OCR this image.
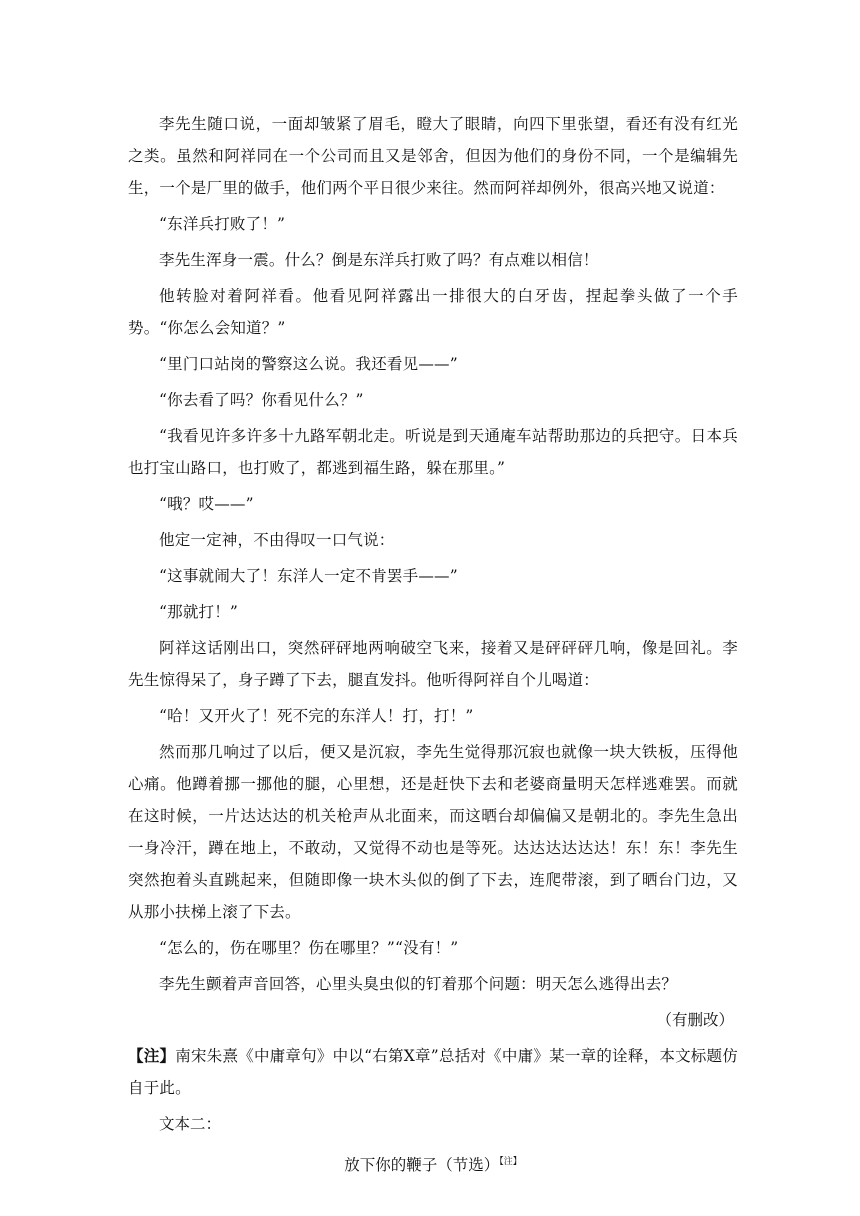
李先生随口说，一面却皱紧了眉毛，瞪大了眼睛，向四下里张望，看还有没有红光之类。虽然和阿祥同在一个公司而且又是邻舍，但因为他们的身份不同，一个是编辑先生，一个是厂里的做手，他们两个平日很少来往。然而阿祥却例外，很高兴地又说道：

“东洋兵打败了！”

李先生浑身一震。什么？倒是东洋兵打败了吗？有点难以相信！

他转脸对着阿祥看。他看见阿祥露出一排很大的白牙齿，捏起拳头做了一个手势。“你怎么会知道？”

“里门口站岗的警察这么说。我还看见——”

“你去看了吗？你看见什么？”

“我看见许多许多十九路军朝北走。听说是到天通庵车站帮助那边的兵把守。日本兵也打宝山路口，也打败了，都逃到福生路，躲在那里。”

“哦？哎——”

他定一定神，不由得叹一口气说：

“这事就闹大了！东洋人一定不肯罢手——”

“那就打！”

阿祥这话刚出口，突然砰砰地两响破空飞来，接着又是砰砰砰几响，像是回礼。李先生惊得呆了，身子蹲了下去，腿直发抖。他听得阿祥自个儿喝道：

“哈！又开火了！死不完的东洋人！打，打！”

然而那几响过了以后，便又是沉寂，李先生觉得那沉寂也就像一块大铁板，压得他心痛。他蹲着挪一挪他的腿，心里想，还是赶快下去和老婆商量明天怎样逃难罢。而就在这时候，一片达达达的机关枪声从北面来，而这晒台却偏偏又是朝北的。李先生急出一身冷汗，蹲在地上，不敢动，又觉得不动也是等死。达达达达达达！东！东！李先生突然抱着头直跳起来，但随即像一块木头似的倒了下去，连爬带滚，到了晒台门边，又从那小扶梯上滚了下去。

“怎么的，伤在哪里？伤在哪里？”“没有！”

李先生颤着声音回答，心里头臭虫似的钉着那个问题：明天怎么逃得出去？

（有删改）

【注】南宋朱熹《中庸章句》中以“右第X章”总括对《中庸》某一章的诠释，本文标题仿自于此。

文本二：

放下你的鞭子（节选）$^{【注】}$
